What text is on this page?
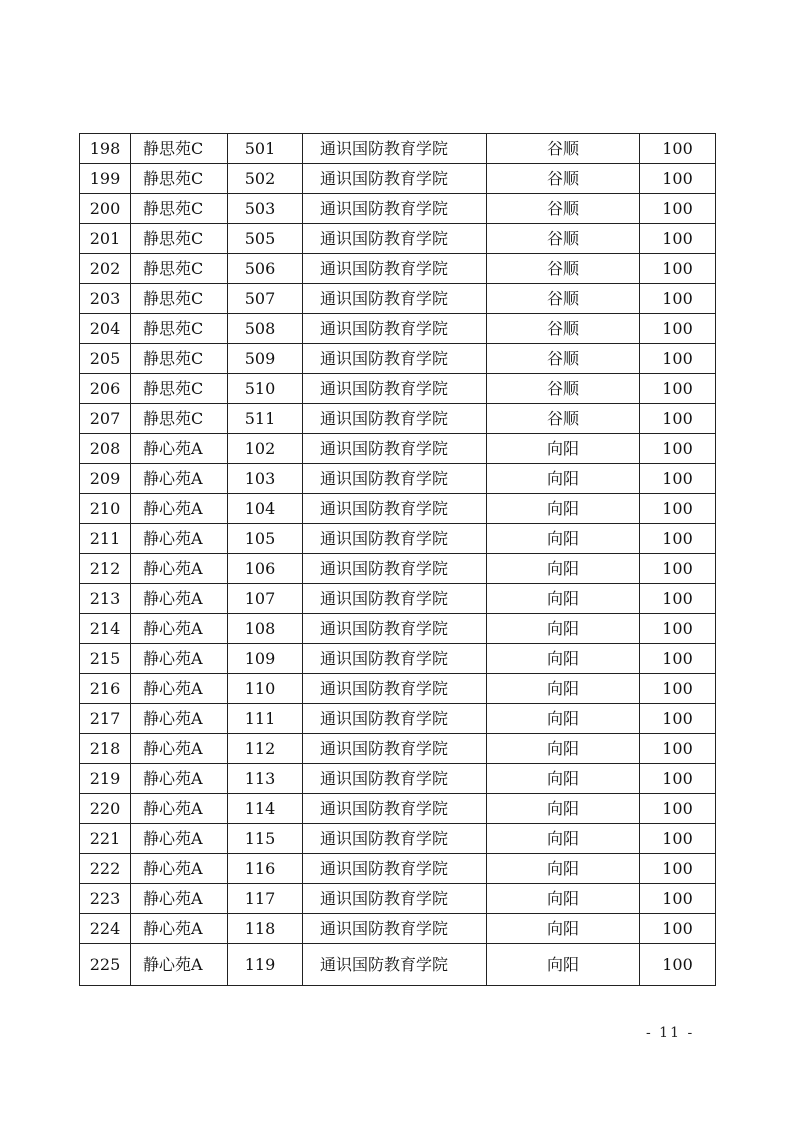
198	静思苑C	501	通识国防教育学院	谷顺	100
199	静思苑C	502	通识国防教育学院	谷顺	100
200	静思苑C	503	通识国防教育学院	谷顺	100
201	静思苑C	505	通识国防教育学院	谷顺	100
202	静思苑C	506	通识国防教育学院	谷顺	100
203	静思苑C	507	通识国防教育学院	谷顺	100
204	静思苑C	508	通识国防教育学院	谷顺	100
205	静思苑C	509	通识国防教育学院	谷顺	100
206	静思苑C	510	通识国防教育学院	谷顺	100
207	静思苑C	511	通识国防教育学院	谷顺	100
208	静心苑A	102	通识国防教育学院	向阳	100
209	静心苑A	103	通识国防教育学院	向阳	100
210	静心苑A	104	通识国防教育学院	向阳	100
211	静心苑A	105	通识国防教育学院	向阳	100
212	静心苑A	106	通识国防教育学院	向阳	100
213	静心苑A	107	通识国防教育学院	向阳	100
214	静心苑A	108	通识国防教育学院	向阳	100
215	静心苑A	109	通识国防教育学院	向阳	100
216	静心苑A	110	通识国防教育学院	向阳	100
217	静心苑A	111	通识国防教育学院	向阳	100
218	静心苑A	112	通识国防教育学院	向阳	100
219	静心苑A	113	通识国防教育学院	向阳	100
220	静心苑A	114	通识国防教育学院	向阳	100
221	静心苑A	115	通识国防教育学院	向阳	100
222	静心苑A	116	通识国防教育学院	向阳	100
223	静心苑A	117	通识国防教育学院	向阳	100
224	静心苑A	118	通识国防教育学院	向阳	100
225	静心苑A	119	通识国防教育学院	向阳	100
- 11 -
